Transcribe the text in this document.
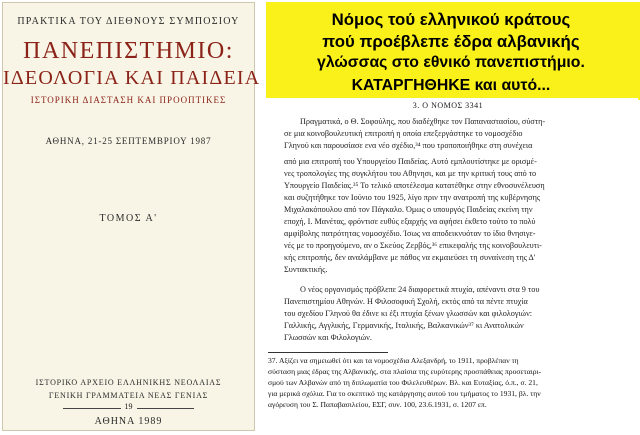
ΠΡΑΚΤΙΚΑ ΤΟΥ ΔΙΕΘΝΟΥΣ ΣΥΜΠΟΣΙΟΥ
ΠΑΝΕΠΙΣΤΗΜΙΟ:
ΙΔΕΟΛΟΓΙΑ ΚΑΙ ΠΑΙΔΕΙΑ
ΙΣΤΟΡΙΚΗ ΔΙΑΣΤΑΣΗ ΚΑΙ ΠΡΟΟΠΤΙΚΕΣ
ΑΘΗΝΑ, 21-25 ΣΕΠΤΕΜΒΡΙΟΥ 1987
ΤΟΜΟΣ Α'
ΙΣΤΟΡΙΚΟ ΑΡΧΕΙΟ ΕΛΛΗΝΙΚΗΣ ΝΕΟΛΑΙΑΣ
ΓΕΝΙΚΗ ΓΡΑΜΜΑΤΕΙΑ ΝΕΑΣ ΓΕΝΙΑΣ
19
ΑΘΗΝΑ 1989
Νόμος τού ελληνικού κράτους
πού προέβλεπε έδρα αλβανικής
γλώσσας στο εθνικό πανεπιστήμιο.
ΚΑΤΑΡΓΗΘΗΚΕ και αυτό...
3. Ο ΝΟΜΟΣ 3341
Πραγματικά, ο Θ. Σοφούλης, που διαδέχθηκε τον Παπαναστασίου, σύστη-
σε μια κοινοβουλευτική επιτροπή η οποία επεξεργάστηκε το νομοσχέδιο
Γληνού και παρουσίασε ενα νέο σχέδιο,³⁴ που τροποποιήθηκε στη συνέχεια
από μια επιτροπή του Υπουργείου Παιδείας. Αυτό εμπλουτίστηκε με ορισμέ-
νες τροπολογίες της συγκλήτου του Αθηνησι, και με την κριτική τους από το
Υπουργείο Παιδείας.³⁵ Το τελικό αποτέλεσμα κατατέθηκε στην εθνοσυνέλευση
και συζητήθηκε τον Ιούνιο του 1925, λίγο πριν την ανατροπή της κυβέρνησης
Μιχαλακόπουλου από τον Πάγκαλο. Όμως ο υπουργός Παιδείας εκείνη την
εποχή, Ι. Μανέτας, φρόντισε ευθύς εξαρχής να αφήσει έκθετο τούτο το πολύ
αμφίβολης πατρότητας νομοσχέδιο. Ίσως να αποδεικνυόταν το ίδιο θνησιγε-
νές με το προηγούμενο, αν ο Σκεύος Ζερβός,³⁶ επικεφαλής της κοινοβουλευτι-
κής επιτροπής, δεν αναλάμβανε με πάθος να εκμαιεύσει τη συναίνεση της Δ'
Συντακτικής.
Ο νέος οργανισμός πρόβλεπε 24 διαφορετικά πτυχία, απέναντι στα 9 του
Πανεπιστημίου Αθηνών. Η Φιλοσοφική Σχολή, εκτός από τα πέντε πτυχία
του σχεδίου Γληνού θα έδινε κι έξι πτυχία ξένων γλωσσών και φιλολογιών:
Γαλλικής, Αγγλικής, Γερμανικής, Ιταλικής, Βαλκανικών³⁷ κι Ανατολικών
Γλωσσών και Φιλολογιών.
37. Αξίζει να σημειωθεί ότι και τα νομοσχέδια Αλεξανδρή, το 1911, προβλέπαν τη
σύσταση μιας έδρας της Αλβανικής, στα πλαίσια της ευρύτερης προσπάθειας προσεταιρι-
σμού των Αλβανών από τη διπλωματία του Φιλελευθέρων. Βλ. και Ευταξίας, ό.π., σ. 21,
για μερικά σχόλια. Για το σκεπτικό της κατάργησης αυτού του τμήματος το 1931, βλ. την
αγόρευση του Σ. Παπαβασιλείου, ΕΣΓ, συν. 100, 23.6.1931, σ. 1207 επ.
